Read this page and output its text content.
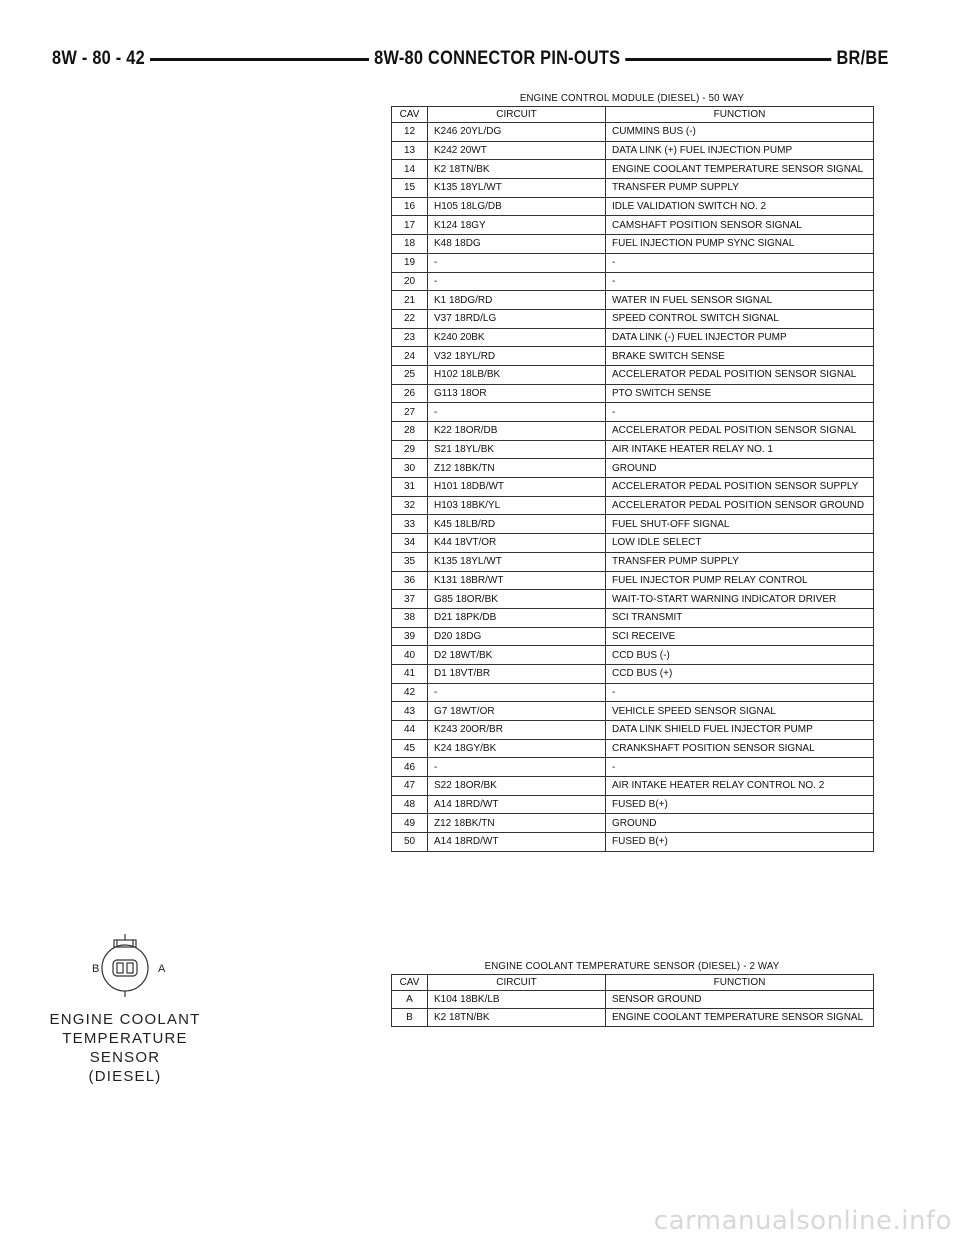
8W - 80 - 42	8W-80 CONNECTOR PIN-OUTS	BR/BE
ENGINE CONTROL MODULE (DIESEL) - 50 WAY
CAV	CIRCUIT	FUNCTION
12	K246 20YL/DG	CUMMINS BUS (-)
13	K242 20WT	DATA LINK (+) FUEL INJECTION PUMP
14	K2 18TN/BK	ENGINE COOLANT TEMPERATURE SENSOR SIGNAL
15	K135 18YL/WT	TRANSFER PUMP SUPPLY
16	H105 18LG/DB	IDLE VALIDATION SWITCH NO. 2
17	K124 18GY	CAMSHAFT POSITION SENSOR SIGNAL
18	K48 18DG	FUEL INJECTION PUMP SYNC SIGNAL
19	-	-
20	-	-
21	K1 18DG/RD	WATER IN FUEL SENSOR SIGNAL
22	V37 18RD/LG	SPEED CONTROL SWITCH SIGNAL
23	K240 20BK	DATA LINK (-) FUEL INJECTOR PUMP
24	V32 18YL/RD	BRAKE SWITCH SENSE
25	H102 18LB/BK	ACCELERATOR PEDAL POSITION SENSOR SIGNAL
26	G113 18OR	PTO SWITCH SENSE
27	-	-
28	K22 18OR/DB	ACCELERATOR PEDAL POSITION SENSOR SIGNAL
29	S21 18YL/BK	AIR INTAKE HEATER RELAY NO. 1
30	Z12 18BK/TN	GROUND
31	H101 18DB/WT	ACCELERATOR PEDAL POSITION SENSOR SUPPLY
32	H103 18BK/YL	ACCELERATOR PEDAL POSITION SENSOR GROUND
33	K45 18LB/RD	FUEL SHUT-OFF SIGNAL
34	K44 18VT/OR	LOW IDLE SELECT
35	K135 18YL/WT	TRANSFER PUMP SUPPLY
36	K131 18BR/WT	FUEL INJECTOR PUMP RELAY CONTROL
37	G85 18OR/BK	WAIT-TO-START WARNING INDICATOR DRIVER
38	D21 18PK/DB	SCI TRANSMIT
39	D20 18DG	SCI RECEIVE
40	D2 18WT/BK	CCD BUS (-)
41	D1 18VT/BR	CCD BUS (+)
42	-	-
43	G7 18WT/OR	VEHICLE SPEED SENSOR SIGNAL
44	K243 20OR/BR	DATA LINK SHIELD FUEL INJECTOR PUMP
45	K24 18GY/BK	CRANKSHAFT POSITION SENSOR SIGNAL
46	-	-
47	S22 18OR/BK	AIR INTAKE HEATER RELAY CONTROL NO. 2
48	A14 18RD/WT	FUSED B(+)
49	Z12 18BK/TN	GROUND
50	A14 18RD/WT	FUSED B(+)
B	A
ENGINE COOLANT
TEMPERATURE
SENSOR
(DIESEL)
ENGINE COOLANT TEMPERATURE SENSOR (DIESEL) - 2 WAY
CAV	CIRCUIT	FUNCTION
A	K104 18BK/LB	SENSOR GROUND
B	K2 18TN/BK	ENGINE COOLANT TEMPERATURE SENSOR SIGNAL
carmanualsonline.info
